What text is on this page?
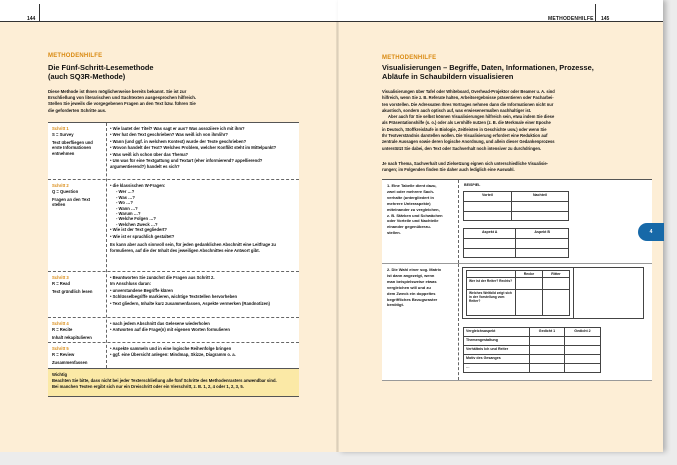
144
METHODENHILFE
Die Fünf-Schritt-Lesemethode
(auch SQ3R-Methode)
Diese Methode ist Ihnen möglicherweise bereits bekannt. Sie ist zur
Erschließung von literarischen und Sachtexten ausgesprochen hilfreich.
Stellen Sie jeweils die vorgegebenen Fragen an den Text bzw. führen Sie
die geforderten Schritte aus.
Schritt 1
S = Survey
Text überfliegen und erste Informationen entnehmen
• Wie lautet der Titel? Was sagt er aus? Was assoziiere ich mit ihm?
• Wer hat den Text geschrieben? Was weiß ich von ihm/ihr?
• Wann (und ggf. in welchem Kontext) wurde der Texte geschrieben?
• Wovon handelt der Text? Welches Problem, welcher Konflikt steht im Mittelpunkt?
• Was weiß ich schon über das Thema?
• Um was für eine Textgattung und Textart (eher informierend? appellierend? argumentierend?) handelt es sich?
Schritt 2
Q = Question
Fragen an den Text stellen
• die klassischen W-Fragen:
- Wer …?
- Was …?
- Wo …?
- Wann …?
- Warum …?
- Welche Folgen …?
- Welchen Zweck …?
• Wie ist der Text gegliedert?
• Wie ist er sprachlich gestaltet?
Es kann aber auch sinnvoll sein, für jeden gedanklichen Abschnitt eine Leitfrage zu formulieren, auf die der Inhalt des jeweiligen Abschnittes eine Antwort gibt.
Schritt 3
R = Read
Text gründlich lesen
• Beantworten Sie zunächst die Fragen aus Schritt 2.
Im Anschluss daran:
• unverstandene Begriffe klären
• Schlüsselbegriffe markieren, wichtige Textstellen hervorheben
• Text gliedern, Inhalte kurz zusammenfassen, Aspekte vermerken (Randnotizen)
Schritt 4
R = Recite
Inhalt rekapitulieren
• nach jedem Abschnitt das Gelesene wiederholen
• Antworten auf die Frage(n) mit eigenen Worten formulieren
Schritt 5
R = Review
Zusammenfassen
• Aspekte sammeln und in eine logische Reihenfolge bringen
• ggf. eine Übersicht anlegen: Mindmap, Skizze, Diagramm o. a.
Wichtig
Beachten Sie bitte, dass nicht bei jeder Texterschließung alle fünf Schritte des Methodenrasters anwendbar sind.
Bei manchen Texten ergibt sich nur ein Dreischritt oder ein Vierschritt, z. B. 1, 2, 4 oder 1, 2, 3, 5.
METHODENHILFE 145
METHODENHILFE
Visualisierungen – Begriffe, Daten, Informationen, Prozesse,
Abläufe in Schaubildern visualisieren
Visualisierungen über Tafel oder Whiteboard, Overhead-Projektor oder Beamer u. A. sind
hilfreich, wenn Sie z. B. Referate halten, Arbeitsergebnisse präsentieren oder Facharbei-
ten vorstellen. Die Adressaten Ihres Vortrages nehmen dann die Informationen nicht nur
akustisch, sondern auch optisch auf, was erwiesenermaßen nachhaltiger ist.
Aber auch für Sie selbst können Visualisierungen hilfreich sein, etwa indem Sie diese
als Präsentationshilfe (s. o.) oder als Lernhilfe nutzen (z. B. die Merkmale einer Epoche
in Deutsch, Stoffkreisläufe in Biologie, Zeitleisten in Geschichte usw.) oder wenn Sie
Ihr Textverständnis darstellen wollen. Die Visualisierung erfordert eine Reduktion auf
zentrale Aussagen sowie deren logische Anordnung, und allein dieser Gedankenprozess
unterstützt Sie dabei, den Text oder Sachverhalt noch intensiver zu durchdringen.
Je nach Thema, Sachverhalt und Zielsetzung eignen sich unterschiedliche Visualisie-
rungen; im Folgenden finden Sie daher auch lediglich eine Auswahl.
1. Eine Tabelle dient dazu,
zwei oder mehrere Sach-
verhalte (untergliedert in
mehrere Unteraspekte)
miteinander zu vergleichen,
z. B. Stärken und Schwächen
oder Vorteile und Nachteile
einander gegenüberzu-
stellen.
BEISPIEL
Vorteil	Nachteil

Aspekt A	Aspekt B

2. Die Wahl einer sog. Matrix
ist dann angezeigt, wenn
man beispielsweise etwas
vergleichen will und zu
dem Zweck ein doppeltes
begriffliches Bezugsraster
benötigt.
	Recke	Ritter
Wer ist der Reiter? Rechts?		
Welches Weltbild zeigt sich in der Vorstellung vom Reiter?		
Vergleichsaspekt	Gedicht 1	Gedicht 2
Themengestaltung		
Verhältnis Ich und Reiter		
Motiv des Gesanges		
…		
4
